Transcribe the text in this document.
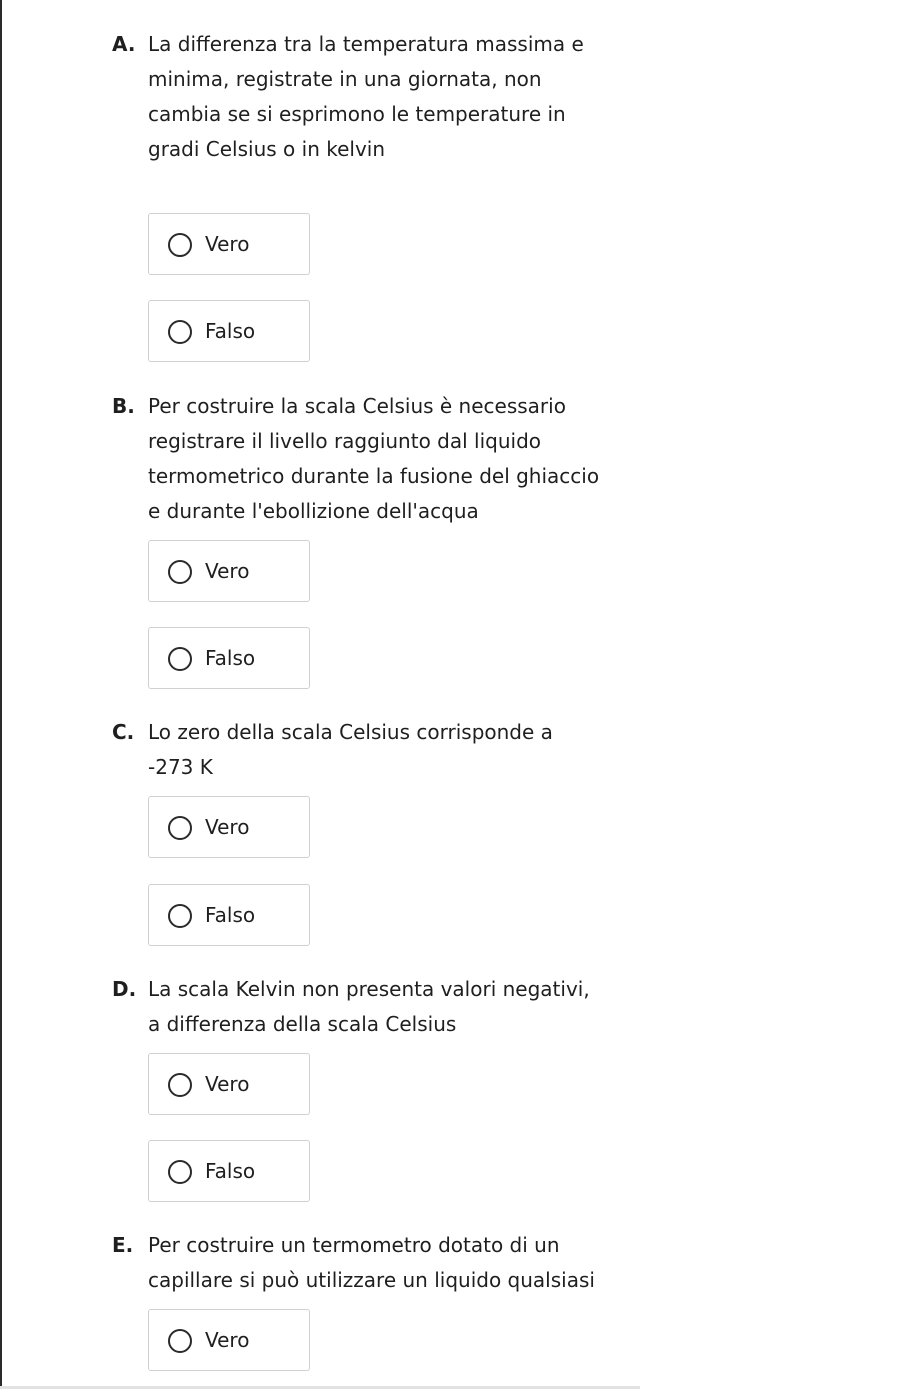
A. La differenza tra la temperatura massima e
minima, registrate in una giornata, non
cambia se si esprimono le temperature in
gradi Celsius o in kelvin
Vero
Falso
B. Per costruire la scala Celsius è necessario
registrare il livello raggiunto dal liquido
termometrico durante la fusione del ghiaccio
e durante l'ebollizione dell'acqua
Vero
Falso
C. Lo zero della scala Celsius corrisponde a
-273 K
Vero
Falso
D. La scala Kelvin non presenta valori negativi,
a differenza della scala Celsius
Vero
Falso
E. Per costruire un termometro dotato di un
capillare si può utilizzare un liquido qualsiasi
Vero
